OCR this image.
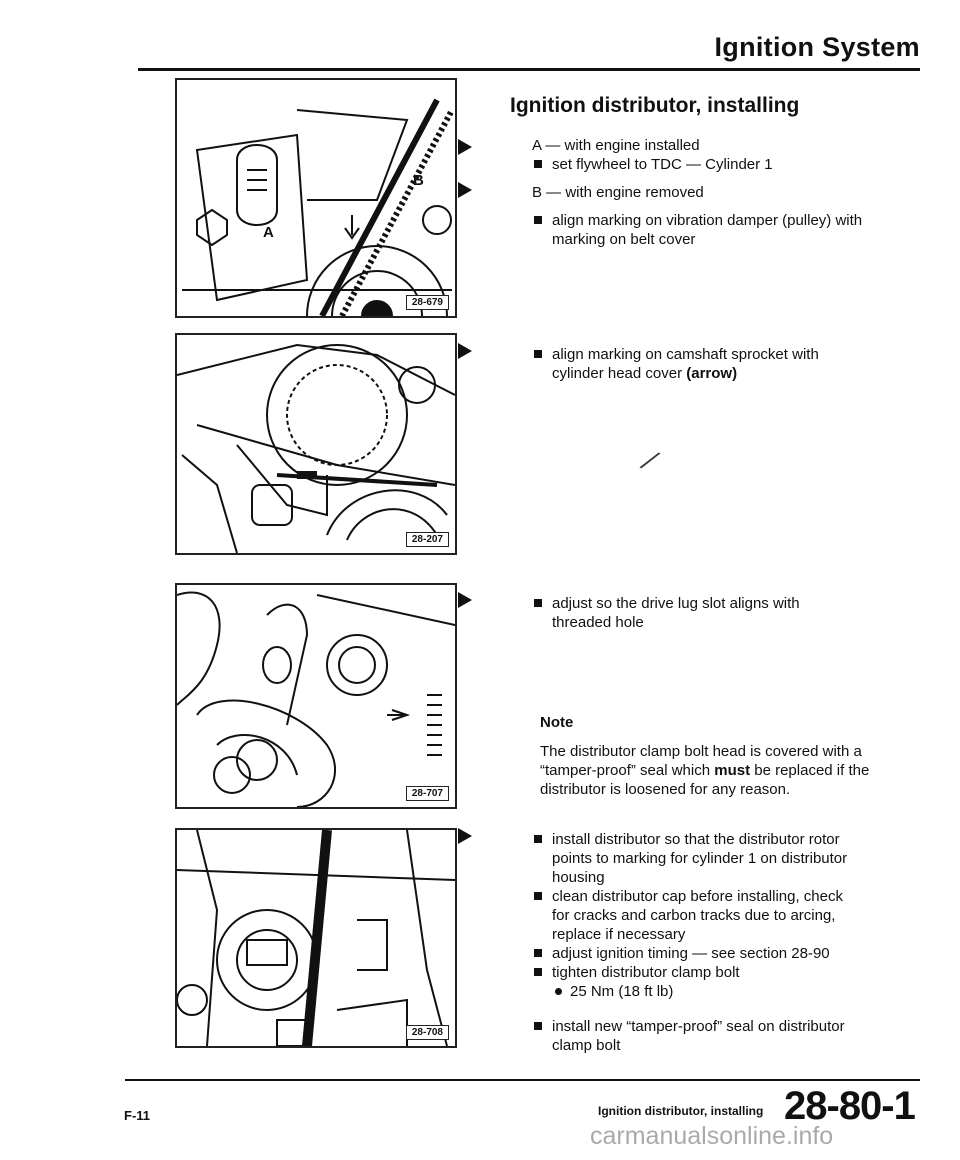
Ignition System
A
B
28-679
28-207
28-707
28-708
Ignition distributor, installing
A — with engine installed
set flywheel to TDC — Cylinder 1
B — with engine removed
align marking on vibration damper (pulley) with marking on belt cover
align marking on camshaft sprocket with cylinder head cover (arrow)
⁄
adjust so the drive lug slot aligns with threaded hole
Note
The distributor clamp bolt head is covered with a “tamper-proof” seal which must be replaced if the distributor is loosened for any reason.
install distributor so that the distributor rotor points to marking for cylinder 1 on distributor housing
clean distributor cap before installing, check for cracks and carbon tracks due to arcing, replace if necessary
adjust ignition timing — see section 28-90
tighten distributor clamp bolt
25 Nm (18 ft lb)
install new “tamper-proof” seal on distributor clamp bolt
F-11	Ignition distributor, installing 28-80-1
carmanualsonline.info
